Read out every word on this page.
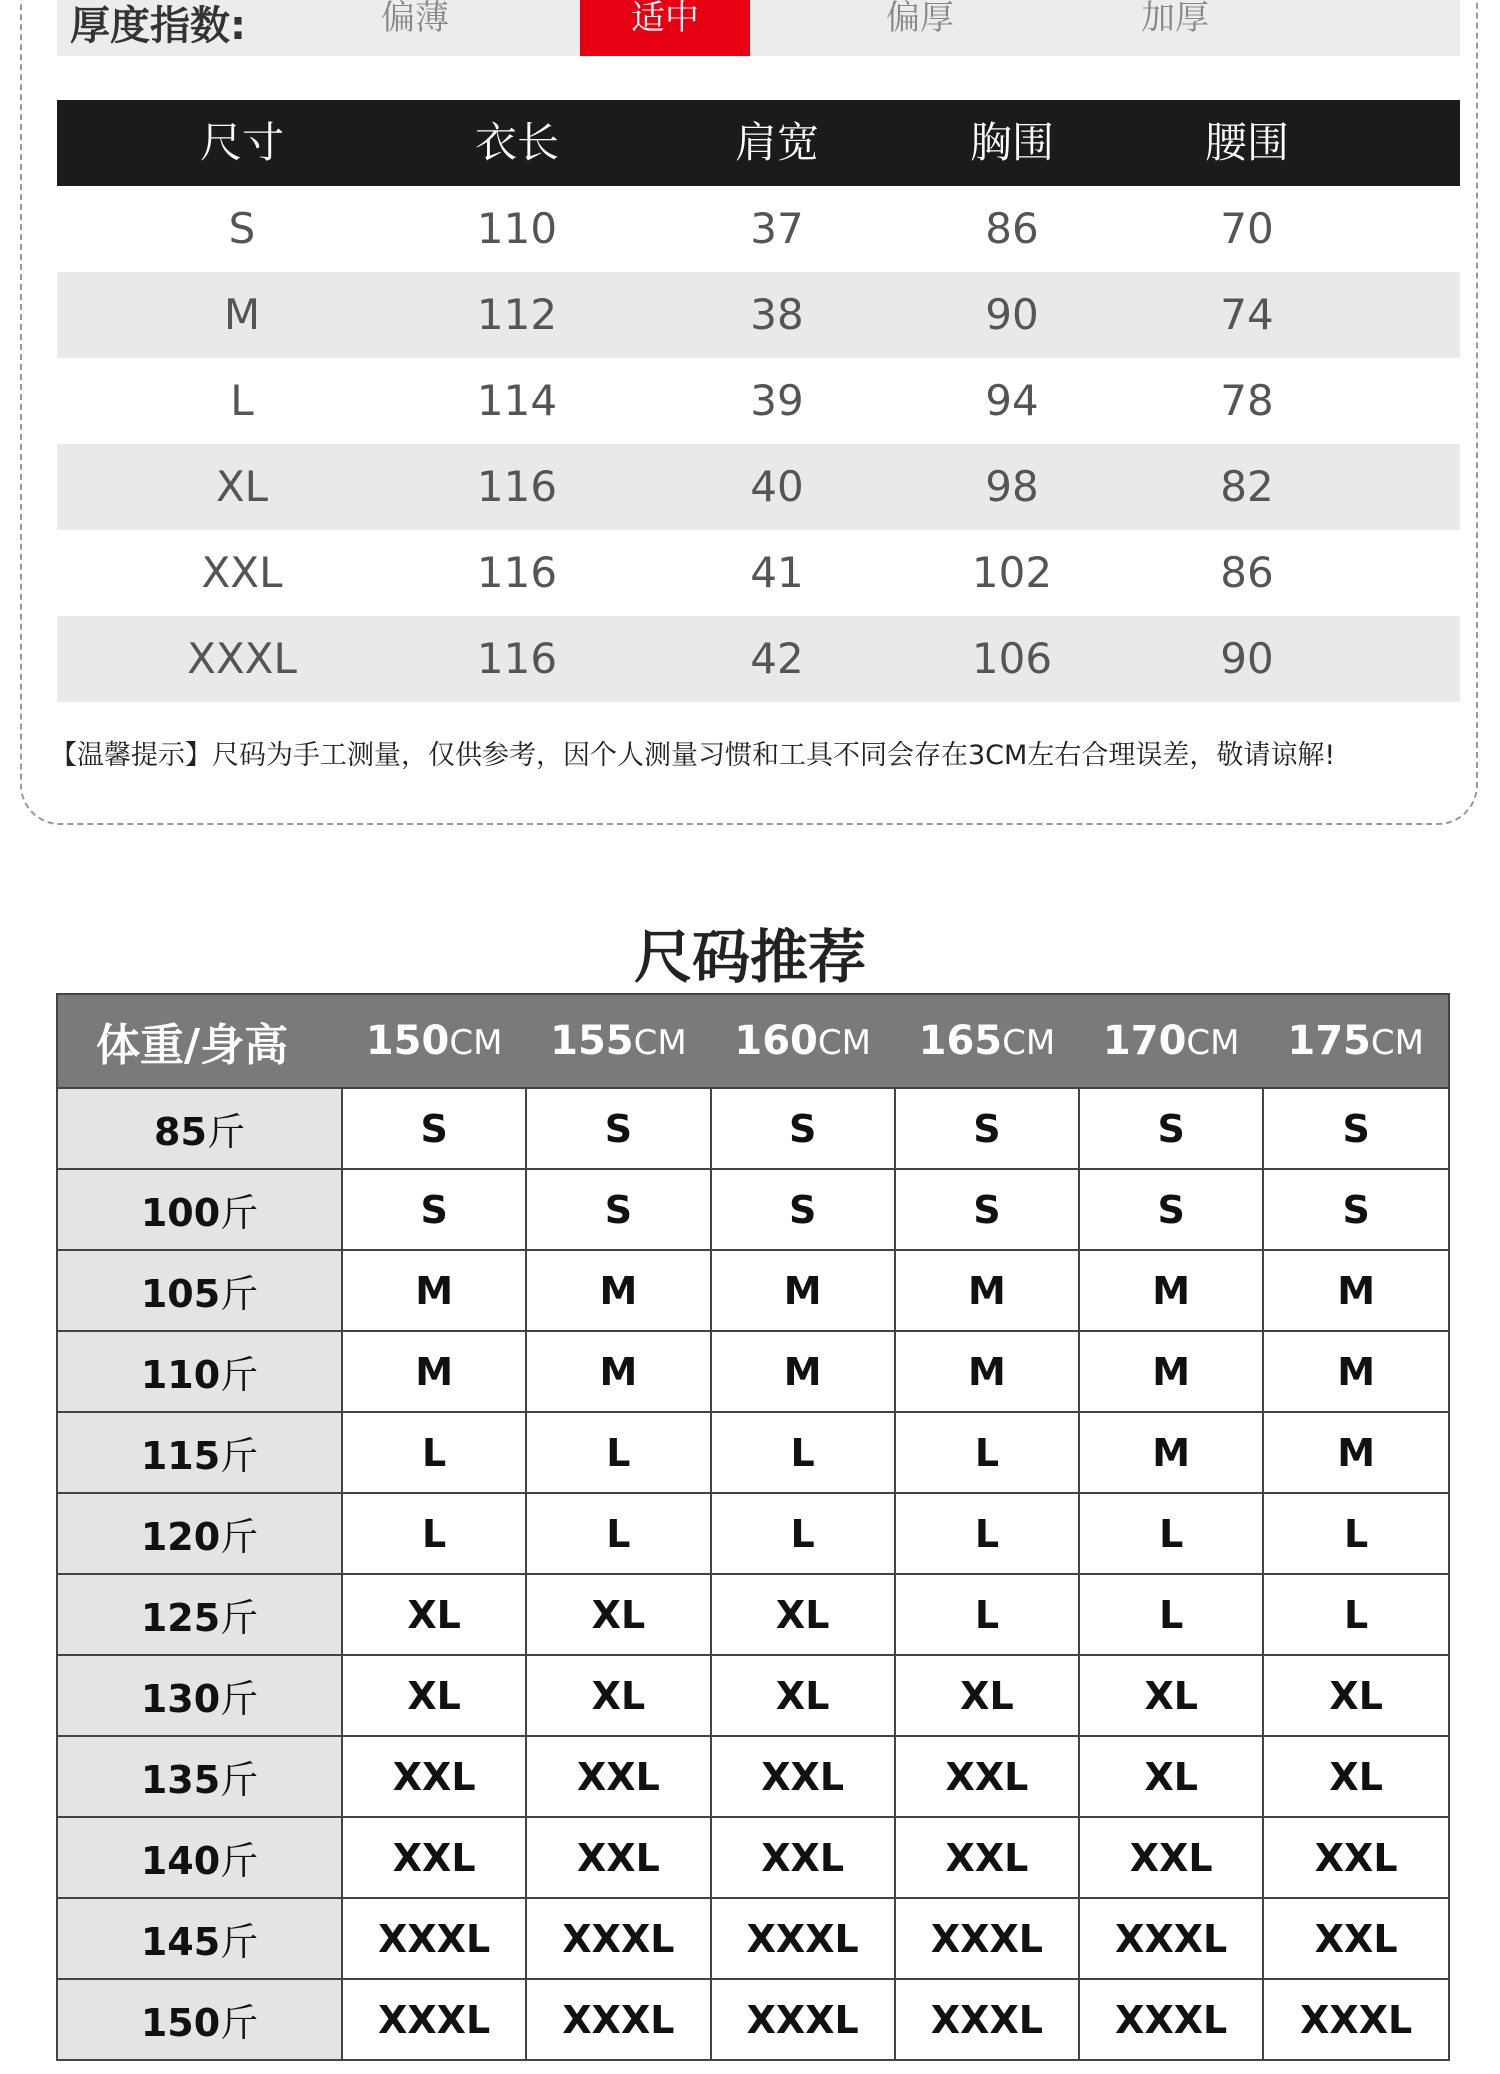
厚度指数:	偏薄	适中	偏厚	加厚
尺寸	衣长	肩宽	胸围	腰围
S	110	37	86	70
M	112	38	90	74
L	114	39	94	78
XL	116	40	98	82
XXL	116	41	102	86
XXXL	116	42	106	90
【温馨提示】尺码为手工测量，仅供参考，因个人测量习惯和工具不同会存在3CM左右合理误差，敬请谅解!
尺码推荐
体重/身高	150CM	155CM	160CM	165CM	170CM	175CM
85斤	S	S	S	S	S	S
100斤	S	S	S	S	S	S
105斤	M	M	M	M	M	M
110斤	M	M	M	M	M	M
115斤	L	L	L	L	M	M
120斤	L	L	L	L	L	L
125斤	XL	XL	XL	L	L	L
130斤	XL	XL	XL	XL	XL	XL
135斤	XXL	XXL	XXL	XXL	XL	XL
140斤	XXL	XXL	XXL	XXL	XXL	XXL
145斤	XXXL	XXXL	XXXL	XXXL	XXXL	XXL
150斤	XXXL	XXXL	XXXL	XXXL	XXXL	XXXL
